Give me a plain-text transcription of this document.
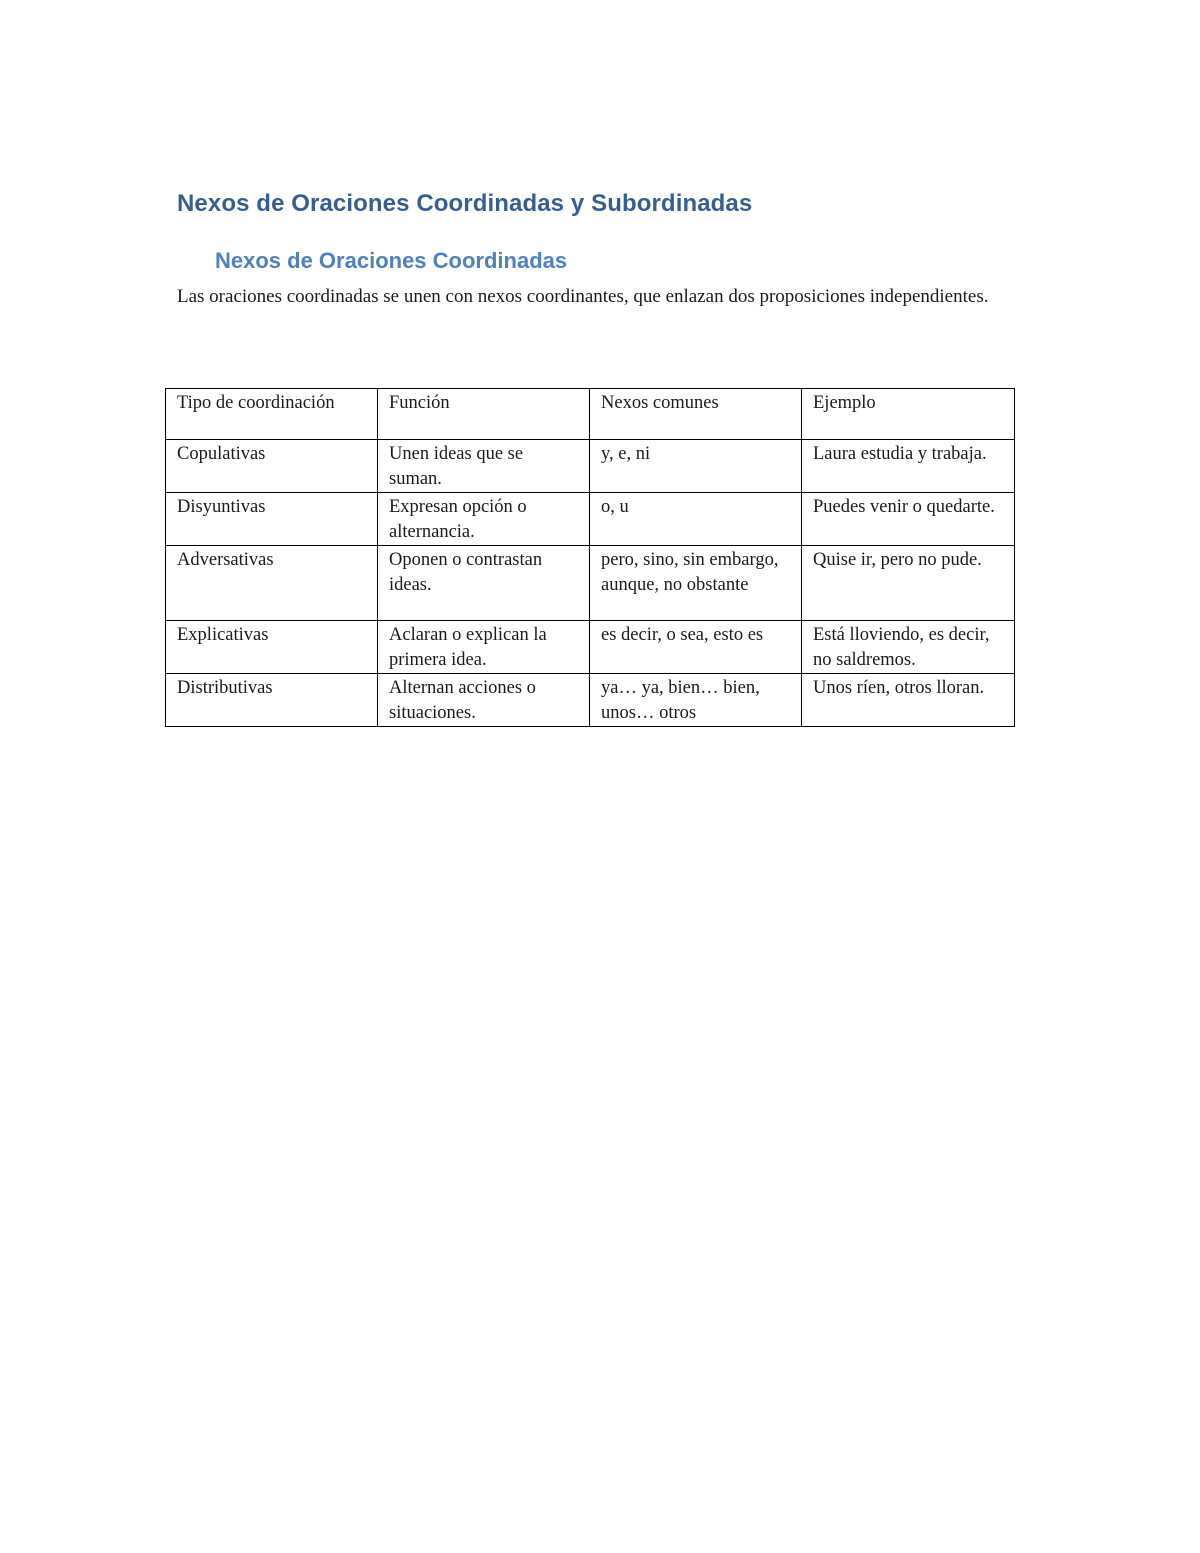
Nexos de Oraciones Coordinadas y Subordinadas
Nexos de Oraciones Coordinadas
Las oraciones coordinadas se unen con nexos coordinantes, que enlazan dos proposiciones independientes.
Tipo de coordinación	Función	Nexos comunes	Ejemplo
Copulativas	Unen ideas que se suman.	y, e, ni	Laura estudia y trabaja.
Disyuntivas	Expresan opción o alternancia.	o, u	Puedes venir o quedarte.
Adversativas	Oponen o contrastan ideas.	pero, sino, sin embargo, aunque, no obstante	Quise ir, pero no pude.
Explicativas	Aclaran o explican la primera idea.	es decir, o sea, esto es	Está lloviendo, es decir, no saldremos.
Distributivas	Alternan acciones o situaciones.	ya… ya, bien… bien, unos… otros	Unos ríen, otros lloran.
